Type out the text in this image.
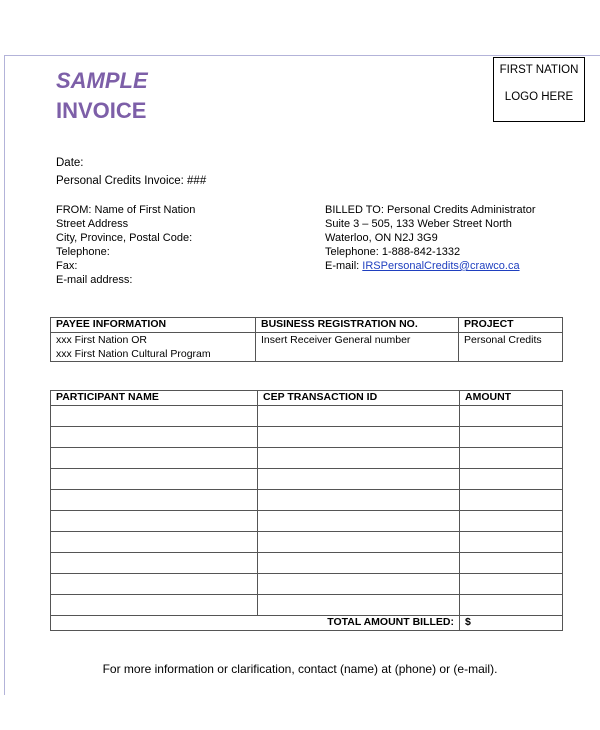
SAMPLE
INVOICE
FIRST NATION
LOGO HERE
Date:
Personal Credits Invoice: ###
FROM: Name of First Nation
Street Address
City, Province, Postal Code:
Telephone:
Fax:
E-mail address:
BILLED TO: Personal Credits Administrator
Suite 3 – 505, 133 Weber Street North
Waterloo, ON N2J 3G9
Telephone: 1-888-842-1332
E-mail: IRSPersonalCredits@crawco.ca
PAYEE INFORMATION	BUSINESS REGISTRATION NO.	PROJECT

xxx First Nation OR
xxx First Nation Cultural Program	Insert Receiver General number	Personal Credits
PARTICIPANT NAME	CEP TRANSACTION ID	AMOUNT

TOTAL AMOUNT BILLED:		$
For more information or clarification, contact (name) at (phone) or (e-mail).
